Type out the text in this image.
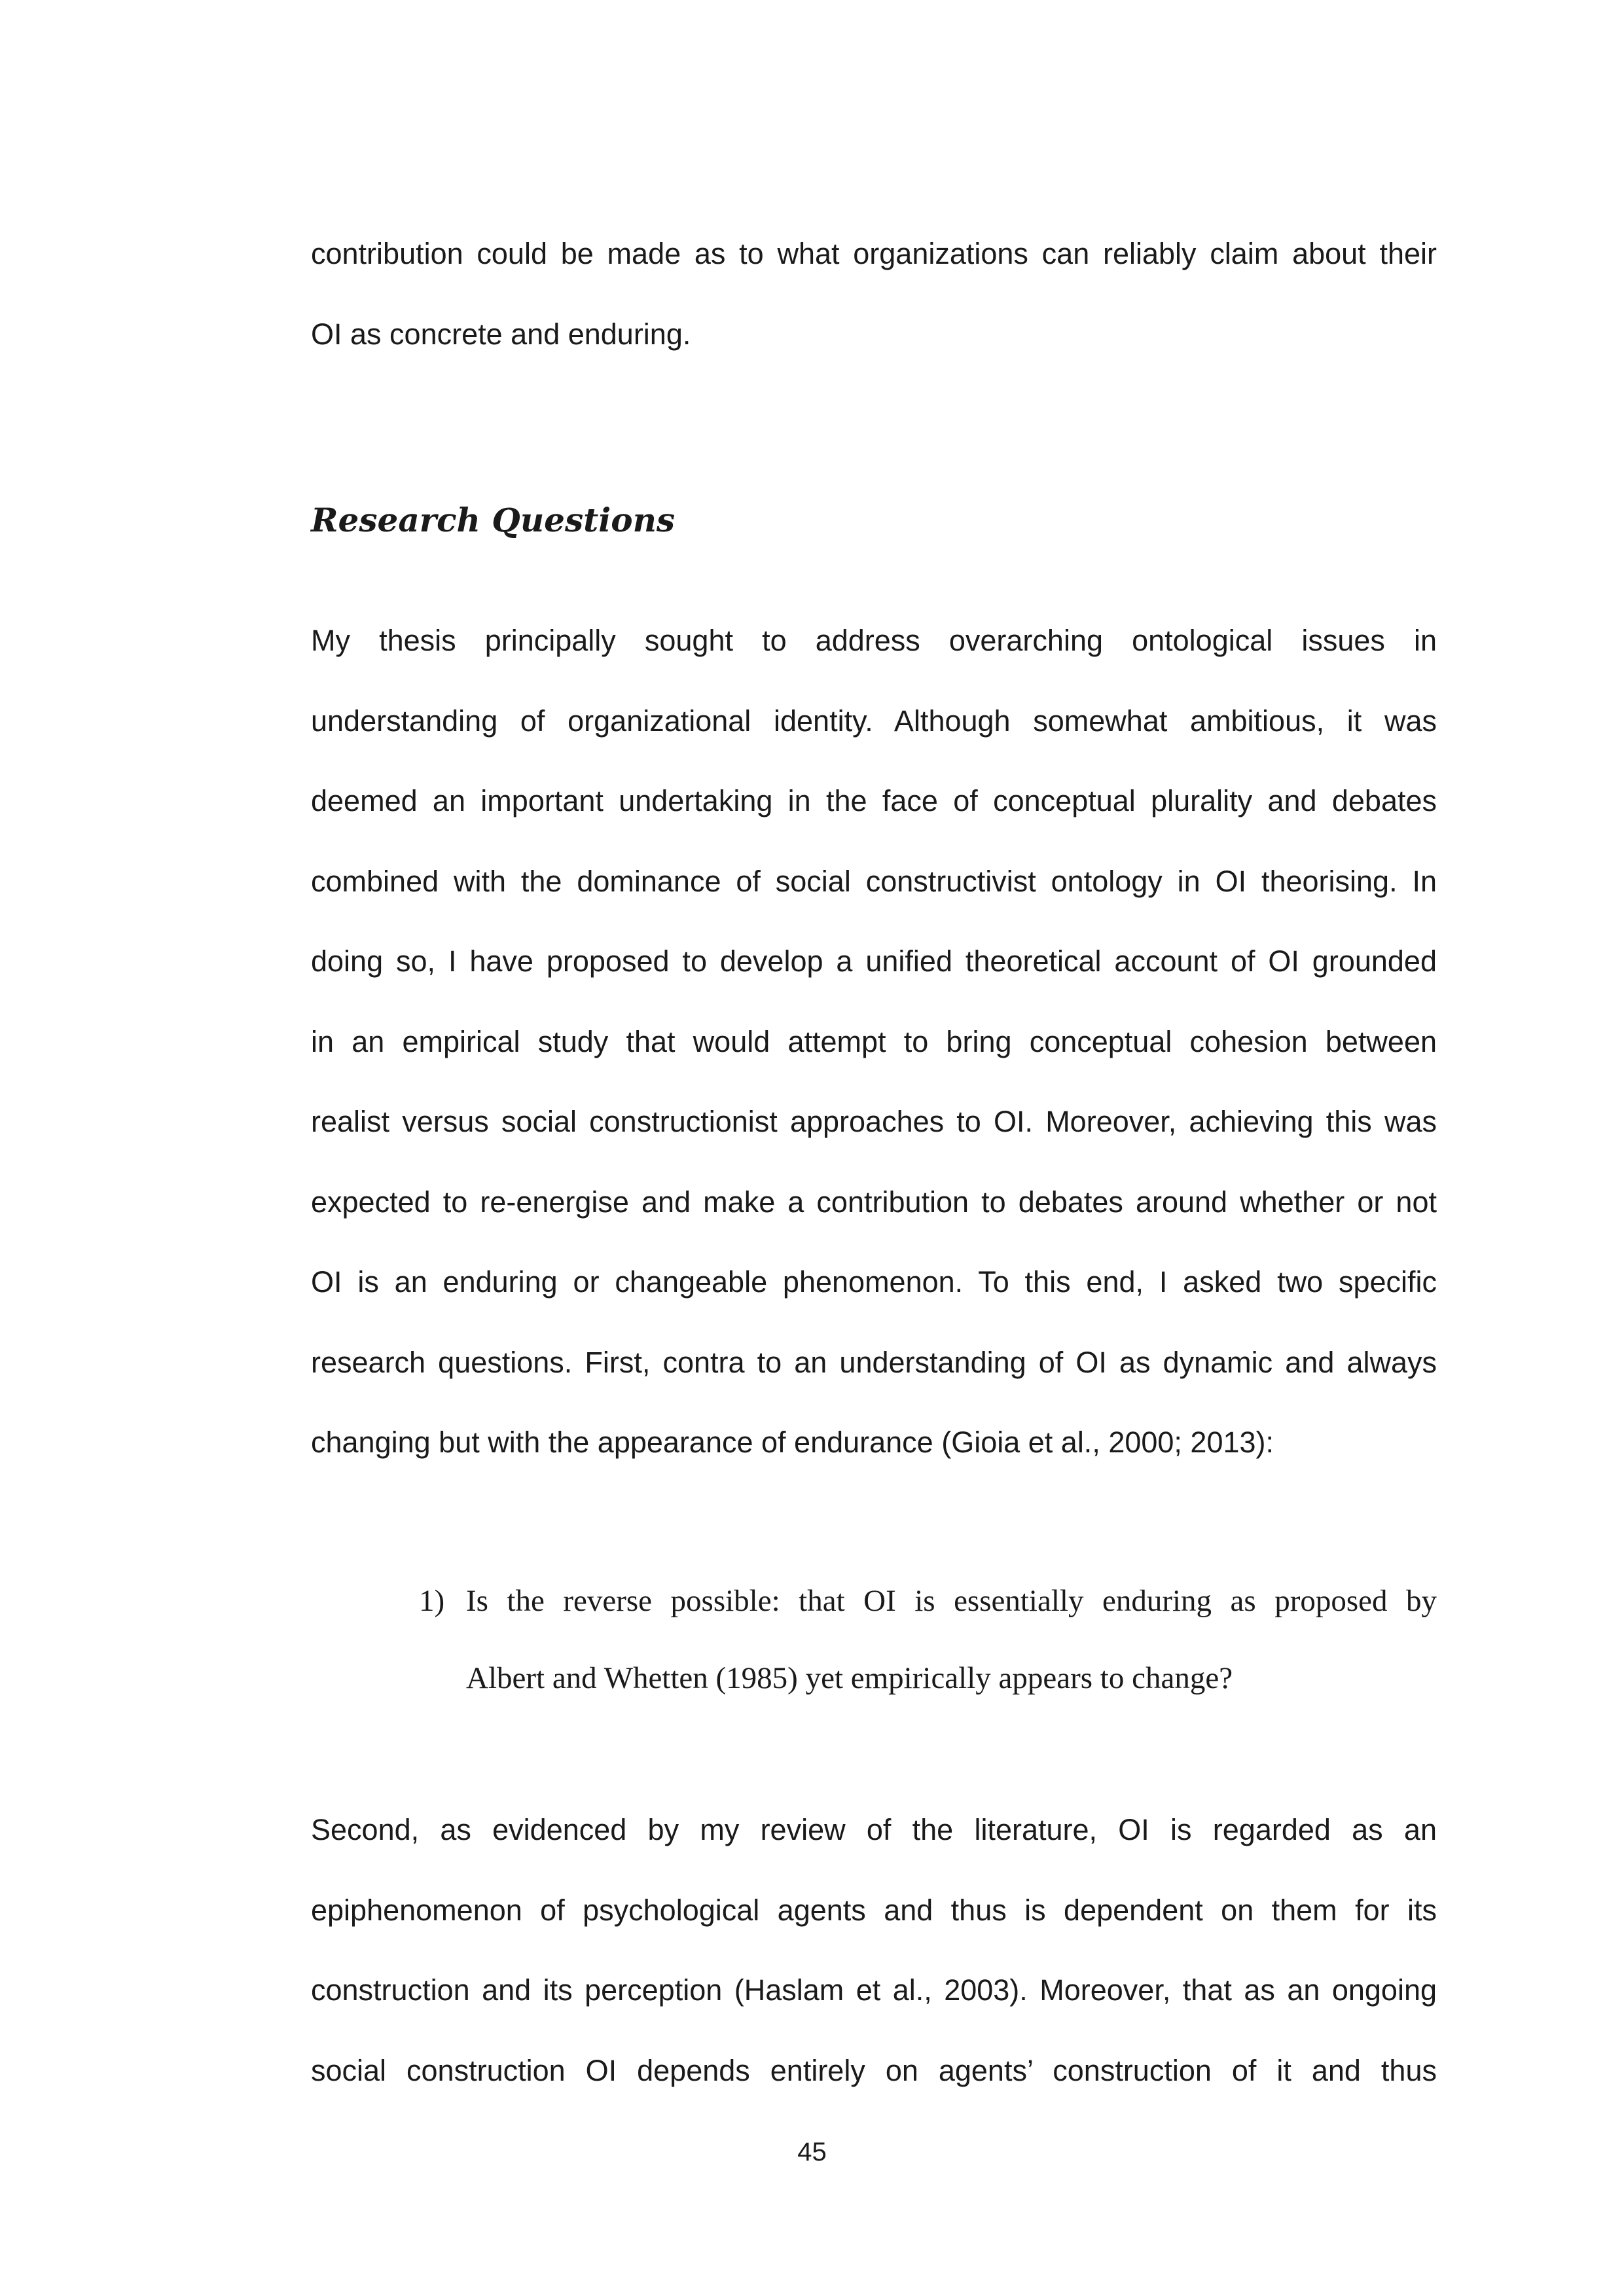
contribution could be made as to what organizations can reliably claim about their
OI as concrete and enduring.
Research Questions
My thesis principally sought to address overarching ontological issues in
understanding of organizational identity. Although somewhat ambitious, it was
deemed an important undertaking in the face of conceptual plurality and debates
combined with the dominance of social constructivist ontology in OI theorising. In
doing so, I have proposed to develop a unified theoretical account of OI grounded
in an empirical study that would attempt to bring conceptual cohesion between
realist versus social constructionist approaches to OI. Moreover, achieving this was
expected to re-energise and make a contribution to debates around whether or not
OI is an enduring or changeable phenomenon. To this end, I asked two specific
research questions. First, contra to an understanding of OI as dynamic and always
changing but with the appearance of endurance (Gioia et al., 2000; 2013):
1) Is the reverse possible: that OI is essentially enduring as proposed by
Albert and Whetten (1985) yet empirically appears to change?
Second, as evidenced by my review of the literature, OI is regarded as an
epiphenomenon of psychological agents and thus is dependent on them for its
construction and its perception (Haslam et al., 2003). Moreover, that as an ongoing
social construction OI depends entirely on agents’ construction of it and thus
45
